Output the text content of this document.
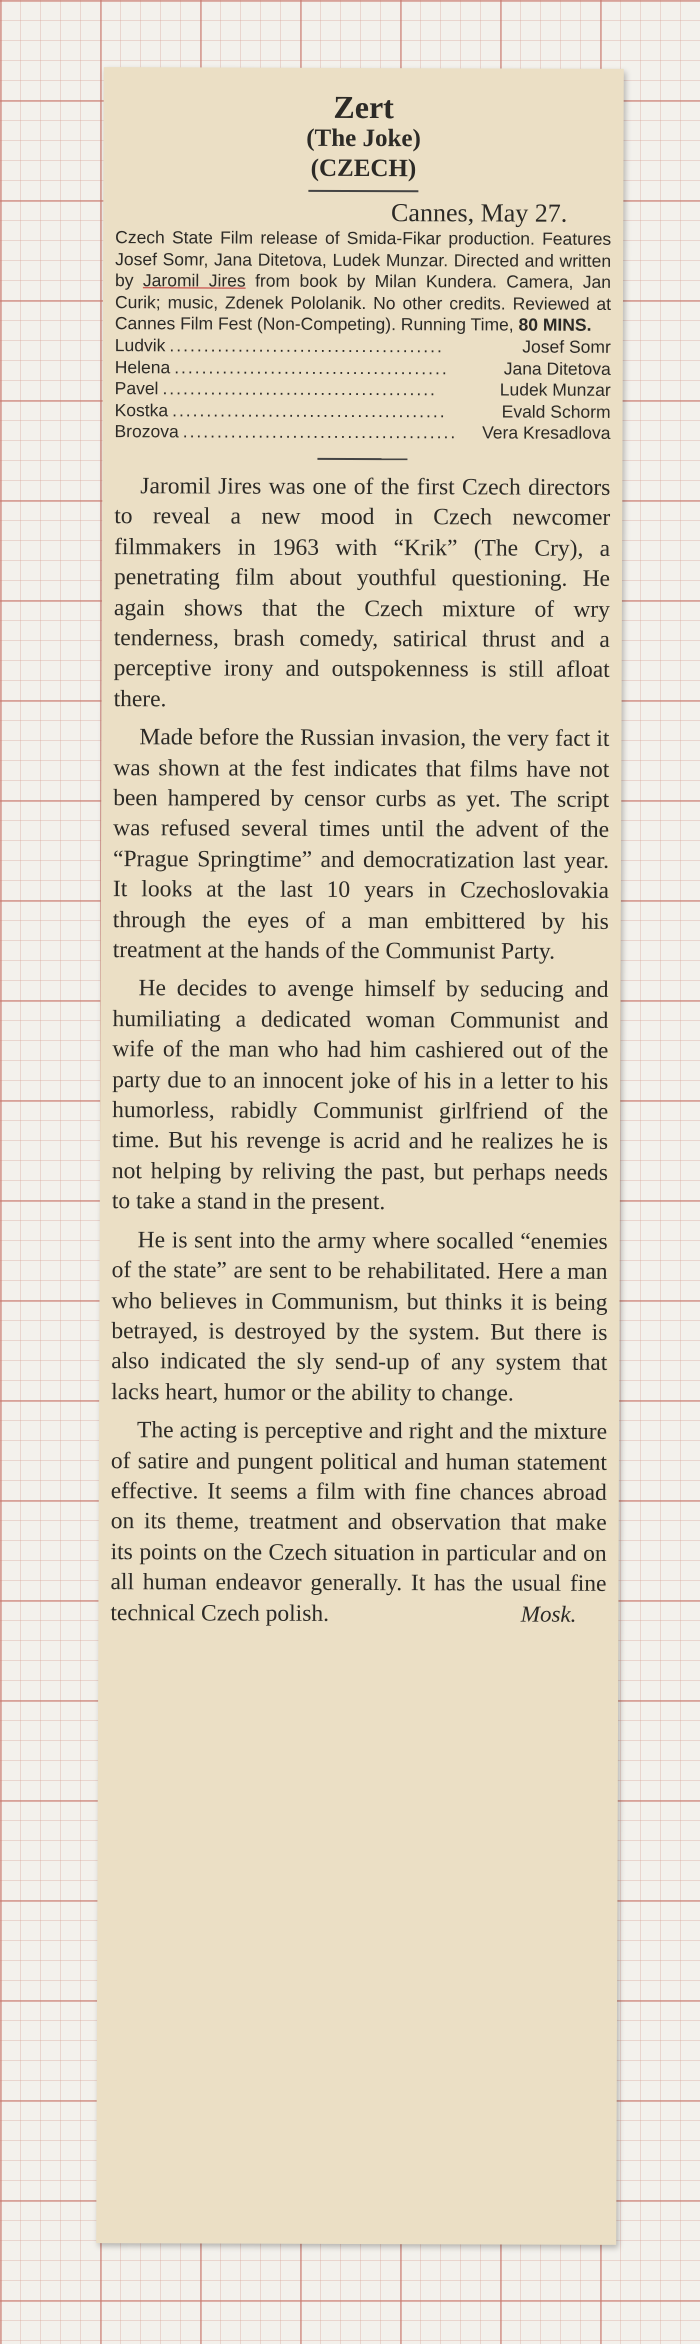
Zert
(The Joke)
(CZECH)
Cannes, May 27.
Czech State Film release of Smida-Fikar production. Features Josef Somr, Jana Ditetova, Ludek Munzar. Directed and written by Jaromil Jires from book by Milan Kundera. Camera, Jan Curik; music, Zdenek Pololanik. No other credits. Reviewed at Cannes Film Fest (Non-Competing). Running Time, 80 MINS.
Ludvik ........................................	Josef Somr
Helena ........................................	Jana Ditetova
Pavel ........................................	Ludek Munzar
Kostka ........................................	Evald Schorm
Brozova ........................................	Vera Kresadlova

Jaromil Jires was one of the first Czech directors to reveal a new mood in Czech newcomer filmmakers in 1963 with “Krik” (The Cry), a penetrating film about youthful questioning. He again shows that the Czech mixture of wry tenderness, brash comedy, satirical thrust and a perceptive irony and outspokenness is still afloat there.

Made before the Russian invasion, the very fact it was shown at the fest indicates that films have not been hampered by censor curbs as yet. The script was refused several times until the advent of the “Prague Springtime” and democratization last year. It looks at the last 10 years in Czechoslovakia through the eyes of a man embittered by his treatment at the hands of the Communist Party.

He decides to avenge himself by seducing and humiliating a dedicated woman Communist and wife of the man who had him cashiered out of the party due to an innocent joke of his in a letter to his humorless, rabidly Communist girlfriend of the time. But his revenge is acrid and he realizes he is not helping by reliving the past, but perhaps needs to take a stand in the present.

He is sent into the army where socalled “enemies of the state” are sent to be rehabilitated. Here a man who believes in Communism, but thinks it is being betrayed, is destroyed by the system. But there is also indicated the sly send-up of any system that lacks heart, humor or the ability to change.

The acting is perceptive and right and the mixture of satire and pungent political and human statement effective. It seems a film with fine chances abroad on its theme, treatment and observation that make its points on the Czech situation in particular and on all human endeavor generally. It has the usual fine technical Czech polish.	Mosk.
